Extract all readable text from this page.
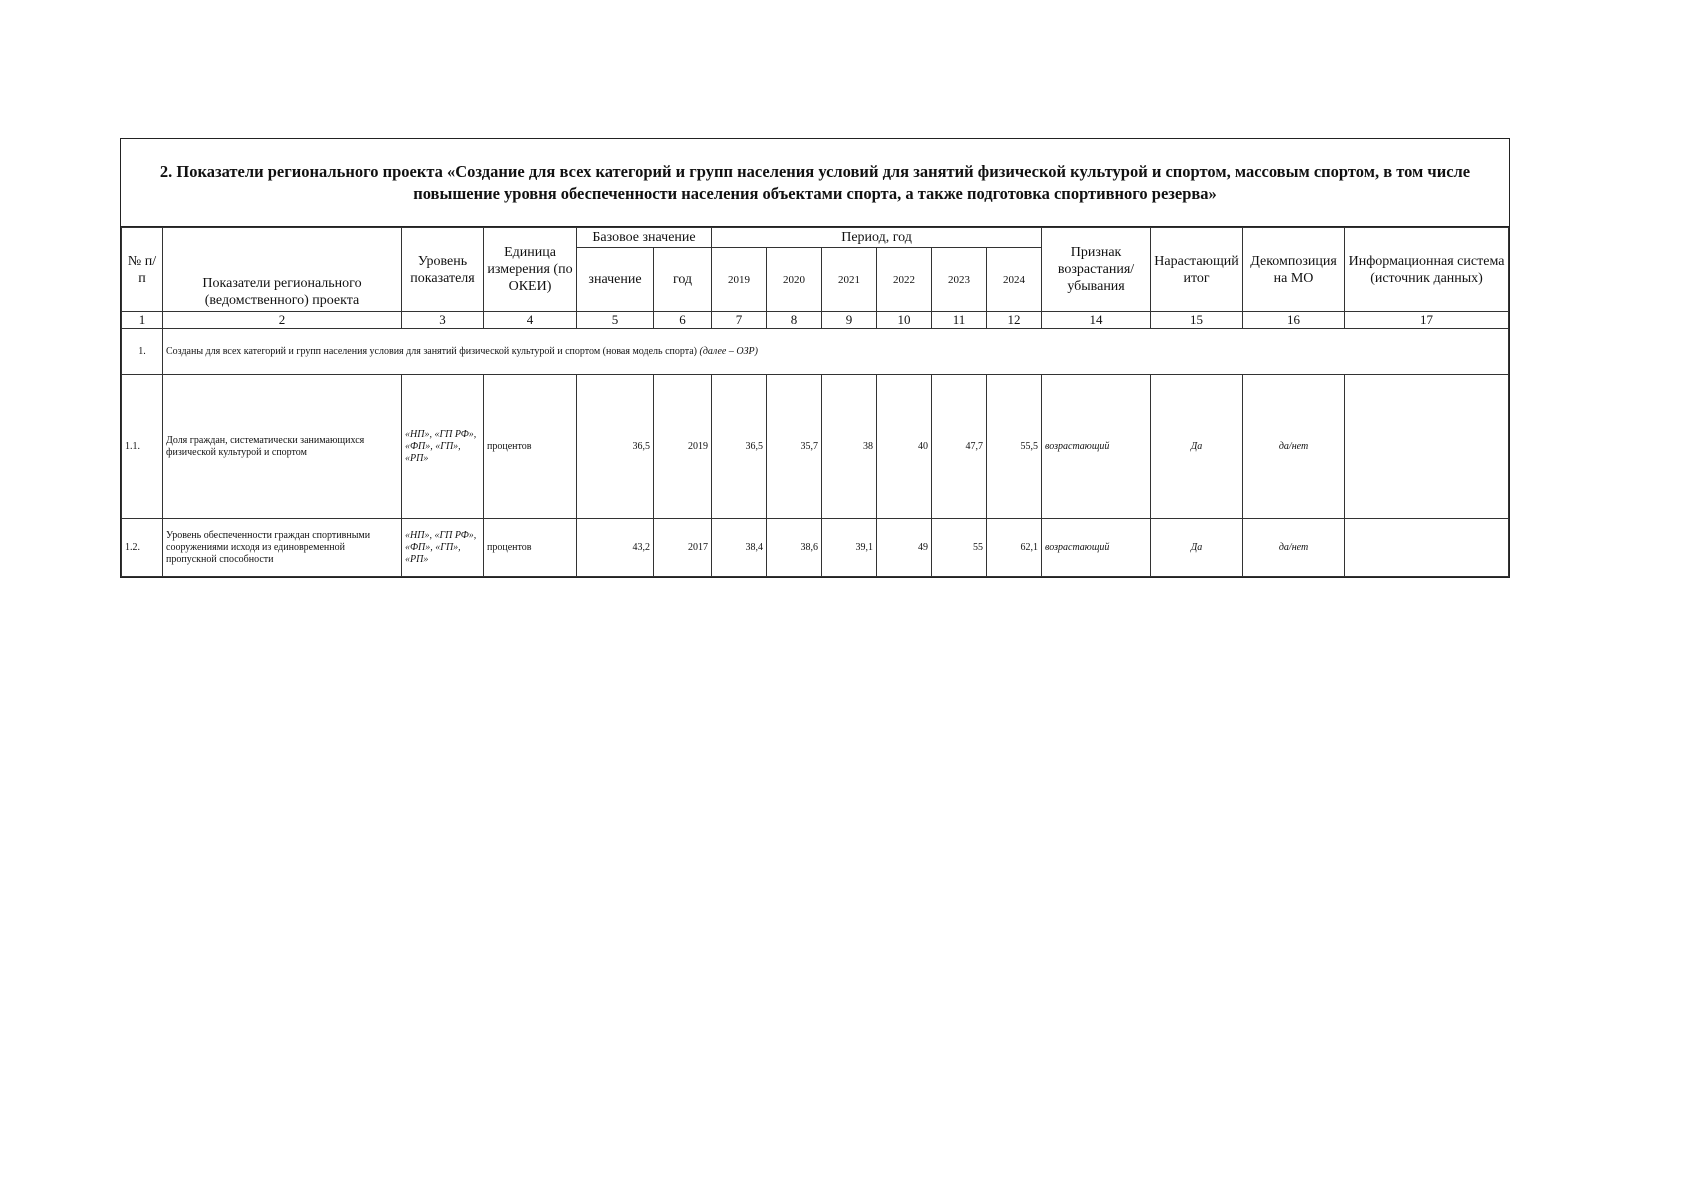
2. Показатели регионального проекта «Создание для всех категорий и групп населения условий для занятий физической культурой и спортом, массовым спортом, в том числе повышение уровня обеспеченности населения объектами спорта, а также подготовка спортивного резерва»
№ п/п	Показатели регионального (ведомственного) проекта	Уровень показателя	Единица измерения (по ОКЕИ)	Базовое значение		Период, год						Признак возрастания/ убывания	Нарастающий итог	Декомпозиция на МО	Информационная система (источник данных)
				значение	год	2019	2020	2021	2022	2023	2024				
1	2	3	4	5	6	7	8	9	10	11	12	14	15	16	17
1.	Созданы для всех категорий и групп населения условия для занятий физической культурой и спортом (новая модель спорта) (далее – ОЗР)														
1.1.	Доля граждан, систематически занимающихся физической культурой и спортом	«НП», «ГП РФ», «ФП», «ГП», «РП»	процентов	36,5	2019	36,5	35,7	38	40	47,7	55,5	возрастающий	Да	да/нет	
1.2.	Уровень обеспеченности граждан спортивными сооружениями исходя из единовременной пропускной способности	«НП», «ГП РФ», «ФП», «ГП», «РП»	процентов	43,2	2017	38,4	38,6	39,1	49	55	62,1	возрастающий	Да	да/нет	
